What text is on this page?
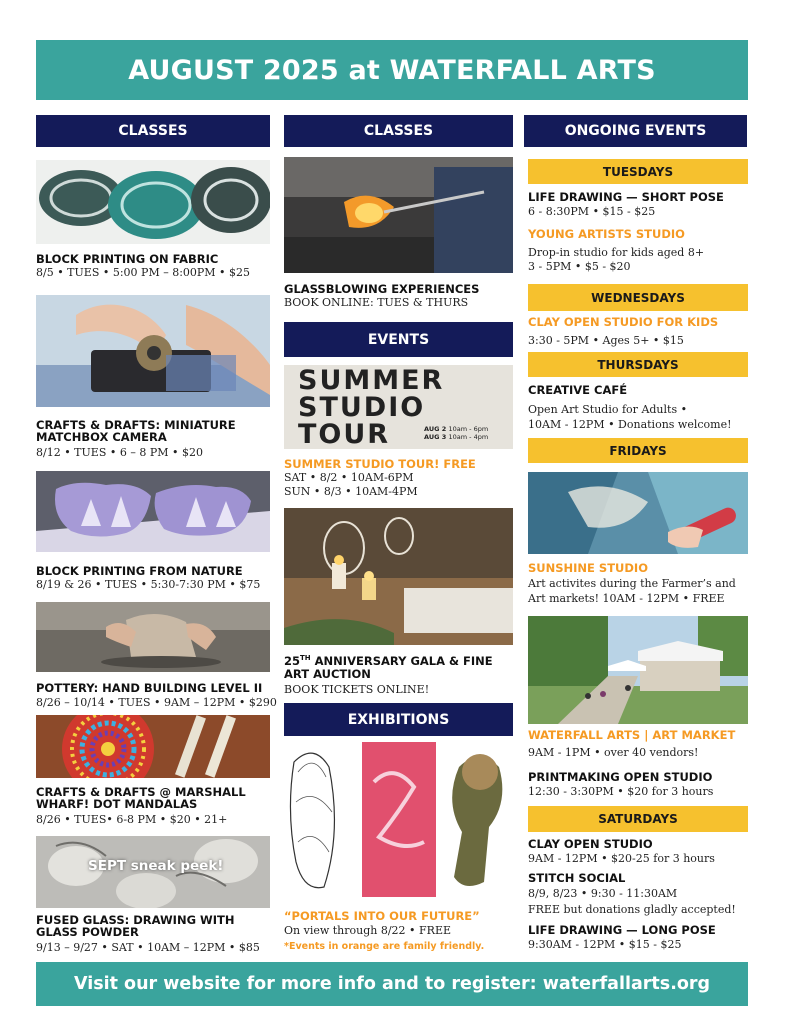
AUGUST 2025 at WATERFALL ARTS
CLASSES
BLOCK PRINTING ON FABRIC
8/5 • TUES • 5:00 PM – 8:00PM • $25
CRAFTS & DRAFTS: MINIATURE
MATCHBOX CAMERA
8/12 • TUES • 6 – 8 PM • $20
BLOCK PRINTING FROM NATURE
8/19 & 26 • TUES • 5:30-7:30 PM • $75
POTTERY: HAND BUILDING LEVEL II
8/26 – 10/14 • TUES • 9AM – 12PM • $290
CRAFTS & DRAFTS @ MARSHALL
WHARF! DOT MANDALAS
8/26 • TUES• 6-8 PM • $20 • 21+
SEPT sneak peek!
FUSED GLASS: DRAWING WITH
GLASS POWDER
9/13 – 9/27 • SAT • 10AM – 12PM • $85
CLASSES
GLASSBLOWING EXPERIENCES
BOOK ONLINE: TUES & THURS
EVENTS
SUMMER
STUDIO
TOUR	AUG 2 10am - 6pm
AUG 3 10am - 4pm
SUMMER STUDIO TOUR! FREE
SAT • 8/2 • 10AM-6PM
SUN • 8/3 • 10AM-4PM
25TH ANNIVERSARY GALA & FINE
ART AUCTION
BOOK TICKETS ONLINE!
EXHIBITIONS
“PORTALS INTO OUR FUTURE”
On view through 8/22 • FREE
*Events in orange are family friendly.
ONGOING EVENTS
TUESDAYS
LIFE DRAWING — SHORT POSE
6 - 8:30PM • $15 - $25
YOUNG ARTISTS STUDIO
Drop-in studio for kids aged 8+
3 - 5PM • $5 - $20
WEDNESDAYS
CLAY OPEN STUDIO FOR KIDS
3:30 - 5PM • Ages 5+ • $15
THURSDAYS
CREATIVE CAFÉ
Open Art Studio for Adults •
10AM - 12PM • Donations welcome!
FRIDAYS
SUNSHINE STUDIO
Art activites during the Farmer’s and
Art markets! 10AM - 12PM • FREE
WATERFALL ARTS | ART MARKET
9AM - 1PM • over 40 vendors!
PRINTMAKING OPEN STUDIO
12:30 - 3:30PM • $20 for 3 hours
SATURDAYS
CLAY OPEN STUDIO
9AM - 12PM • $20-25 for 3 hours
STITCH SOCIAL
8/9, 8/23 • 9:30 - 11:30AM
FREE but donations gladly accepted!
LIFE DRAWING — LONG POSE
9:30AM - 12PM • $15 - $25
Visit our website for more info and to register: waterfallarts.org
